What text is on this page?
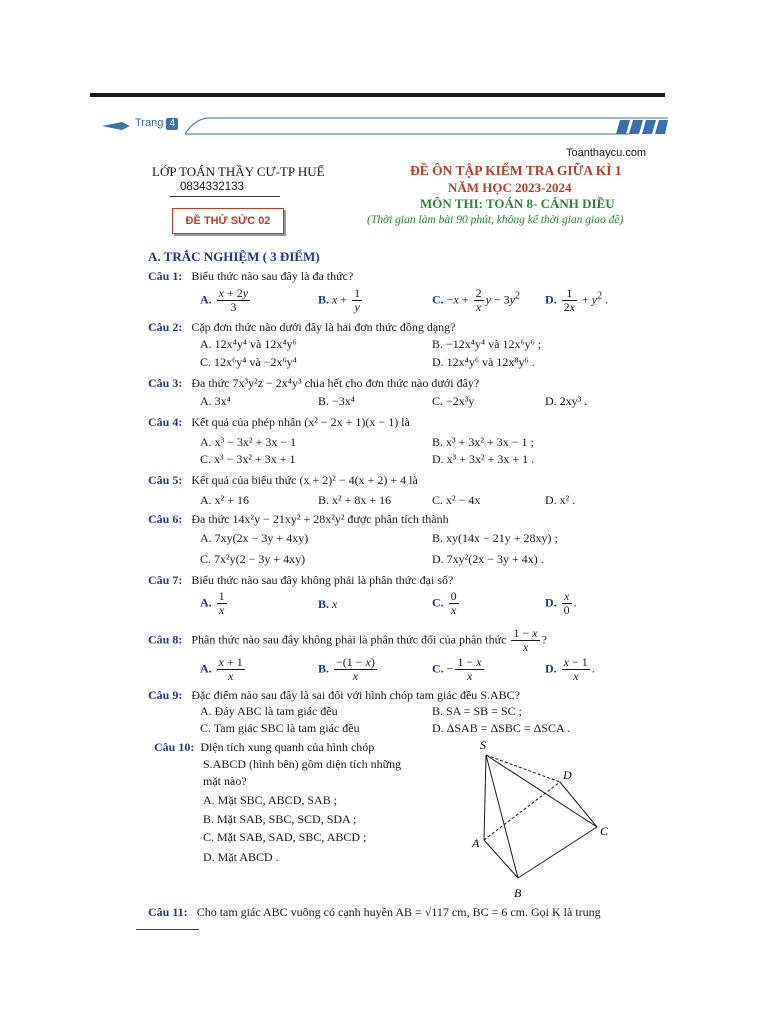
Trang 4
Toanthaycu.com
LỚP TOÁN THẦY CƯ-TP HUẾ
0834332133
ĐỀ THỬ SỨC 02
ĐỀ ÔN TẬP KIỂM TRA GIỮA KÌ 1
NĂM HỌC 2023-2024
MÔN THI: TOÁN 8- CÁNH DIỀU
(Thời gian làm bài 90 phút, không kể thời gian giao đề)
A. TRẮC NGHIỆM ( 3 ĐIỂM)
Câu 1: Biểu thức nào sau đây là đa thức?
A. $\frac{x + 2y}{3}$	B. $x + \frac{1}{y}$	C. $-x + \frac{2}{x}$ $y - 3y^2$ D. $\frac{1}{2x} + y^2$ .
Câu 2: Cặp đơn thức nào dưới đây là hai đơn thức đồng dạng?
A. 12x⁴y⁴ và 12x⁴y⁶	B. −12x⁴y⁴ và 12x⁶y⁶ ;
C. 12x⁶y⁴ và −2x⁶y⁴	D. 12x⁴y⁶ và 12x⁸y⁶ .
Câu 3: Đa thức 7x³y²z − 2x⁴y³ chia hết cho đơn thức nào dưới đây?
A. 3x⁴	B. −3x⁴	C. −2x³y	D. 2xy³ .
Câu 4: Kết quả của phép nhân (x² − 2x + 1)(x − 1) là
A. x³ − 3x² + 3x − 1	B. x³ + 3x² + 3x − 1 ;
C. x³ − 3x² + 3x + 1	D. x³ + 3x² + 3x + 1 .
Câu 5: Kết quả của biểu thức (x + 2)² − 4(x + 2) + 4 là
A. x² + 16	B. x² + 8x + 16	C. x² − 4x	D. x² .
Câu 6: Đa thức 14x²y − 21xy² + 28x²y² được phân tích thành
A. 7xy(2x − 3y + 4xy)	B. xy(14x − 21y + 28xy) ;
C. 7x²y(2 − 3y + 4xy)	D. 7xy²(2x − 3y + 4x) .
Câu 7: Biểu thức nào sau đây không phải là phân thức đại số?
A. $\frac{1}{x}$	B. x	C. $\frac{0}{x}$	D. $\frac{x}{0}$ .
Câu 8: Phân thức nào sau đây không phải là phân thức đối của phân thức $\frac{1 - x}{x}$ ?
A. $\frac{x + 1}{x}$	B. $\frac{-(1 - x)}{x}$	C. − $\frac{1 - x}{x}$	D. $\frac{x - 1}{x}$ .
Câu 9: Đặc điểm nào sau đây là sai đối với hình chóp tam giác đều S.ABC?
A. Đáy ABC là tam giác đều	B. SA = SB = SC ;
C. Tam giác SBC là tam giác đều	D. ΔSAB = ΔSBC = ΔSCA .
Câu 10: Diện tích xung quanh của hình chóp
S.ABCD (hình bên) gồm diện tích những
mặt nào?
A. Mặt SBC, ABCD, SAB ;
B. Mặt SAB, SBC, SCD, SDA ;
C. Mặt SAB, SAD, SBC, ABCD ;
D. Mặt ABCD .
S
D
C
A
B
Câu 11: Cho tam giác ABC vuông có cạnh huyền AB = √117 cm, BC = 6 cm. Gọi K là trung
